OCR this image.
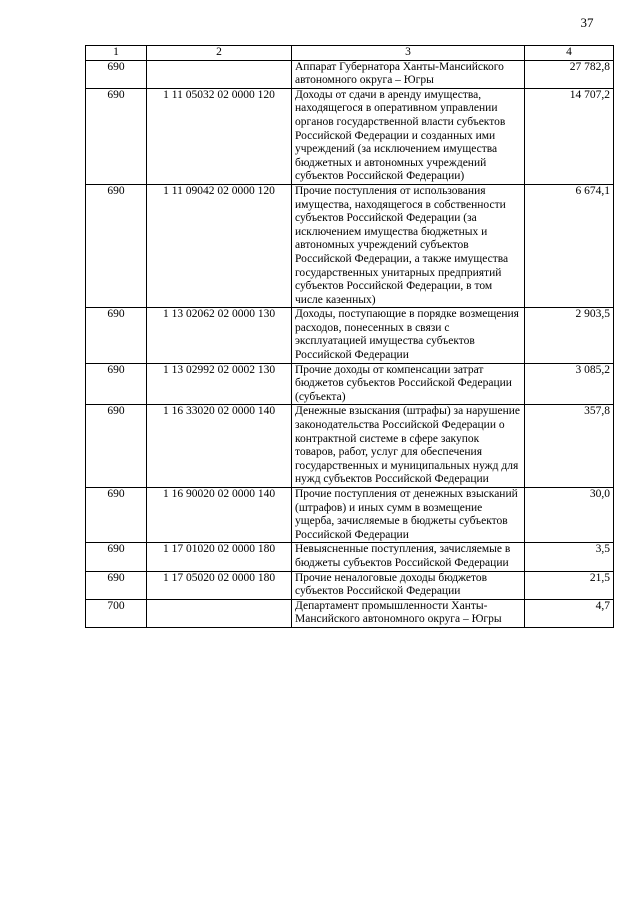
37
1	2	3	4
690		Аппарат Губернатора Ханты-Мансийского автономного округа – Югры	27 782,8
690	1 11 05032 02 0000 120	Доходы от сдачи в аренду имущества, находящегося в оперативном управлении органов государственной власти субъектов Российской Федерации и созданных ими учреждений (за исключением имущества бюджетных и автономных учреждений субъектов Российской Федерации)	14 707,2
690	1 11 09042 02 0000 120	Прочие поступления от использования имущества, находящегося в собственности субъектов Российской Федерации (за исключением имущества бюджетных и автономных учреждений субъектов Российской Федерации, а также имущества государственных унитарных предприятий субъектов Российской Федерации, в том числе казенных)	6 674,1
690	1 13 02062 02 0000 130	Доходы, поступающие в порядке возмещения расходов, понесенных в связи с эксплуатацией имущества субъектов Российской Федерации	2 903,5
690	1 13 02992 02 0002 130	Прочие доходы от компенсации затрат бюджетов субъектов Российской Федерации (субъекта)	3 085,2
690	1 16 33020 02 0000 140	Денежные взыскания (штрафы) за нарушение законодательства Российской Федерации о контрактной системе в сфере закупок товаров, работ, услуг для обеспечения государственных и муниципальных нужд для нужд субъектов Российской Федерации	357,8
690	1 16 90020 02 0000 140	Прочие поступления от денежных взысканий (штрафов) и иных сумм в возмещение ущерба, зачисляемые в бюджеты субъектов Российской Федерации	30,0
690	1 17 01020 02 0000 180	Невыясненные поступления, зачисляемые в бюджеты субъектов Российской Федерации	3,5
690	1 17 05020 02 0000 180	Прочие неналоговые доходы бюджетов субъектов Российской Федерации	21,5
700		Департамент промышленности Ханты-Мансийского автономного округа – Югры	4,7
